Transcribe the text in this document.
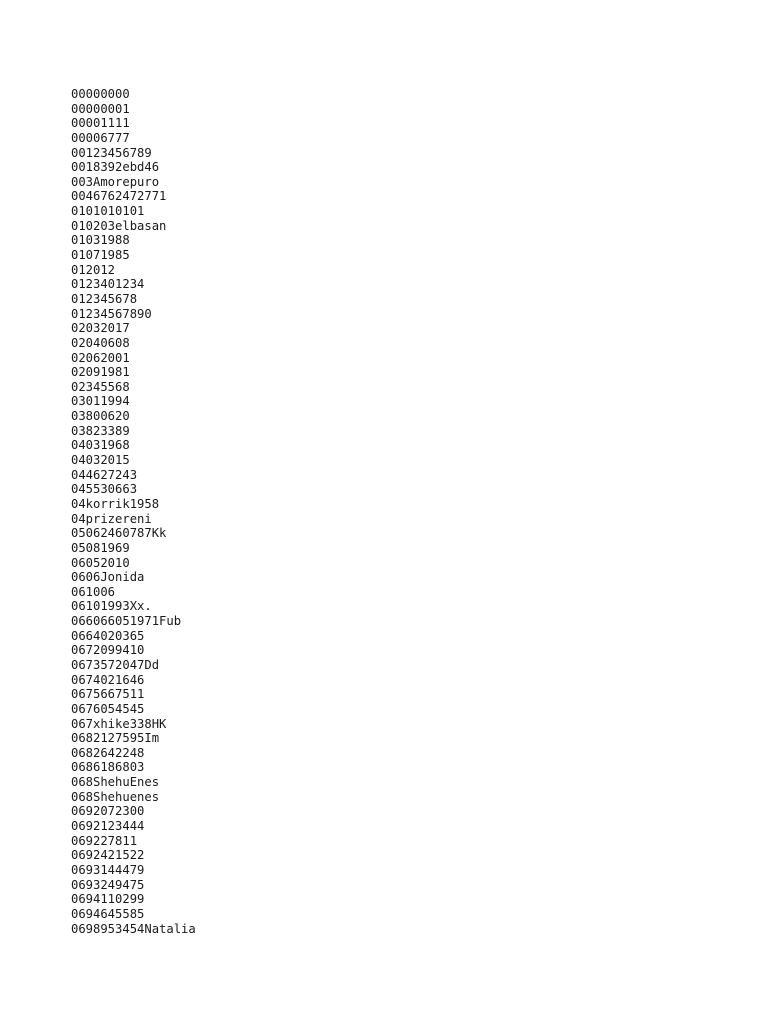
00000000
00000001
00001111
00006777
00123456789
0018392ebd46
003Amorepuro
0046762472771
0101010101
010203elbasan
01031988
01071985
012012
0123401234
012345678
01234567890
02032017
02040608
02062001
02091981
02345568
03011994
03800620
03823389
04031968
04032015
044627243
045530663
04korrik1958
04prizereni
05062460787Kk
05081969
06052010
0606Jonida
061006
06101993Xx.
066066051971Fub
0664020365
0672099410
0673572047Dd
0674021646
0675667511
0676054545
067xhike338HK
0682127595Im
0682642248
0686186803
068ShehuEnes
068Shehuenes
0692072300
0692123444
069227811
0692421522
0693144479
0693249475
0694110299
0694645585
0698953454Natalia
